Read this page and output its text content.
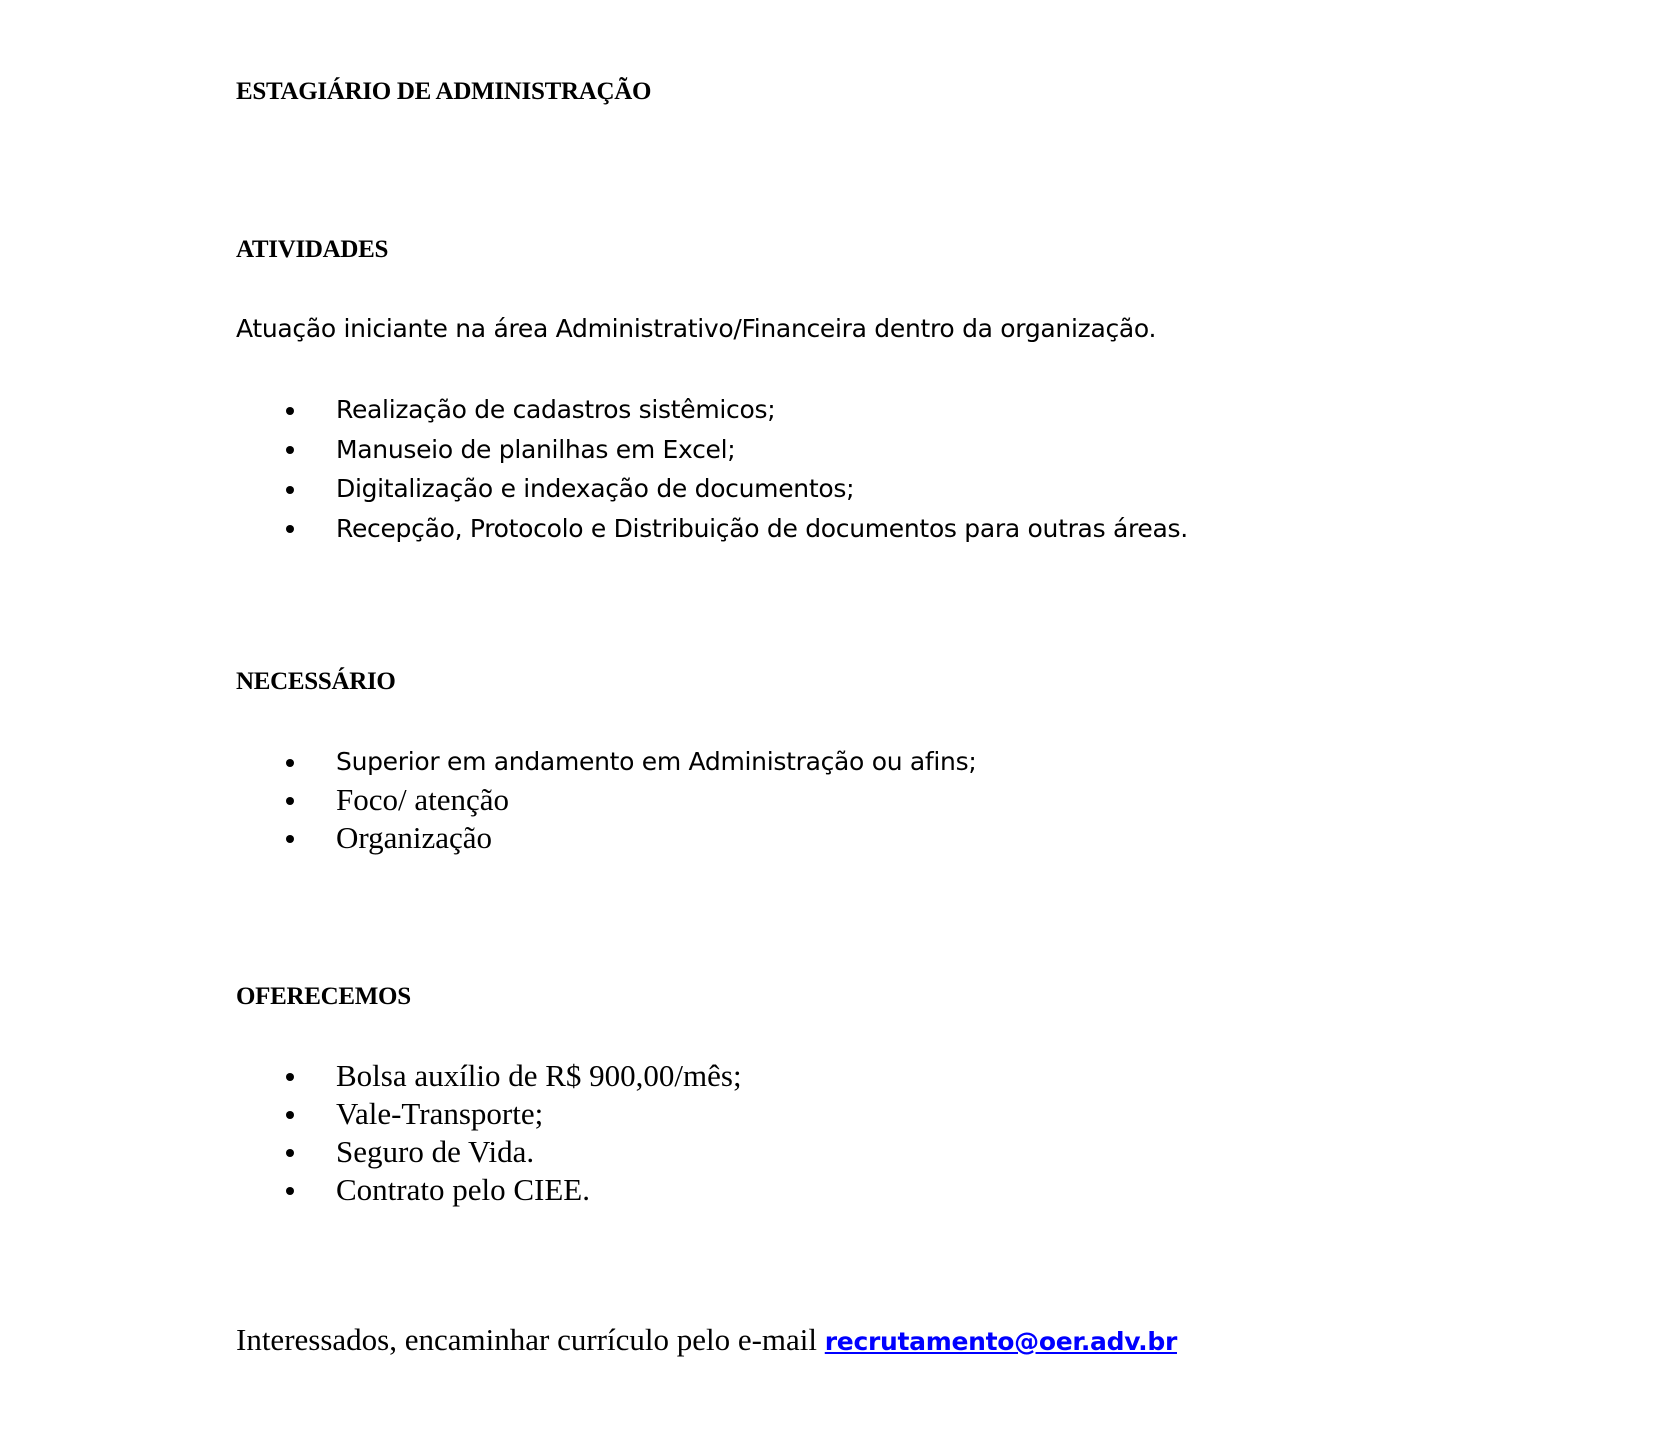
ESTAGIÁRIO DE ADMINISTRAÇÃO
ATIVIDADES

Atuação iniciante na área Administrativo/Financeira dentro da organização.

Realização de cadastros sistêmicos;
Manuseio de planilhas em Excel;
Digitalização e indexação de documentos;
Recepção, Protocolo e Distribuição de documentos para outras áreas.
NECESSÁRIO
Superior em andamento em Administração ou afins;
Foco/ atenção
Organização
OFERECEMOS
Bolsa auxílio de R$ 900,00/mês;
Vale-Transporte;
Seguro de Vida.
Contrato pelo CIEE.

Interessados, encaminhar currículo pelo e-mail recrutamento@oer.adv.br
